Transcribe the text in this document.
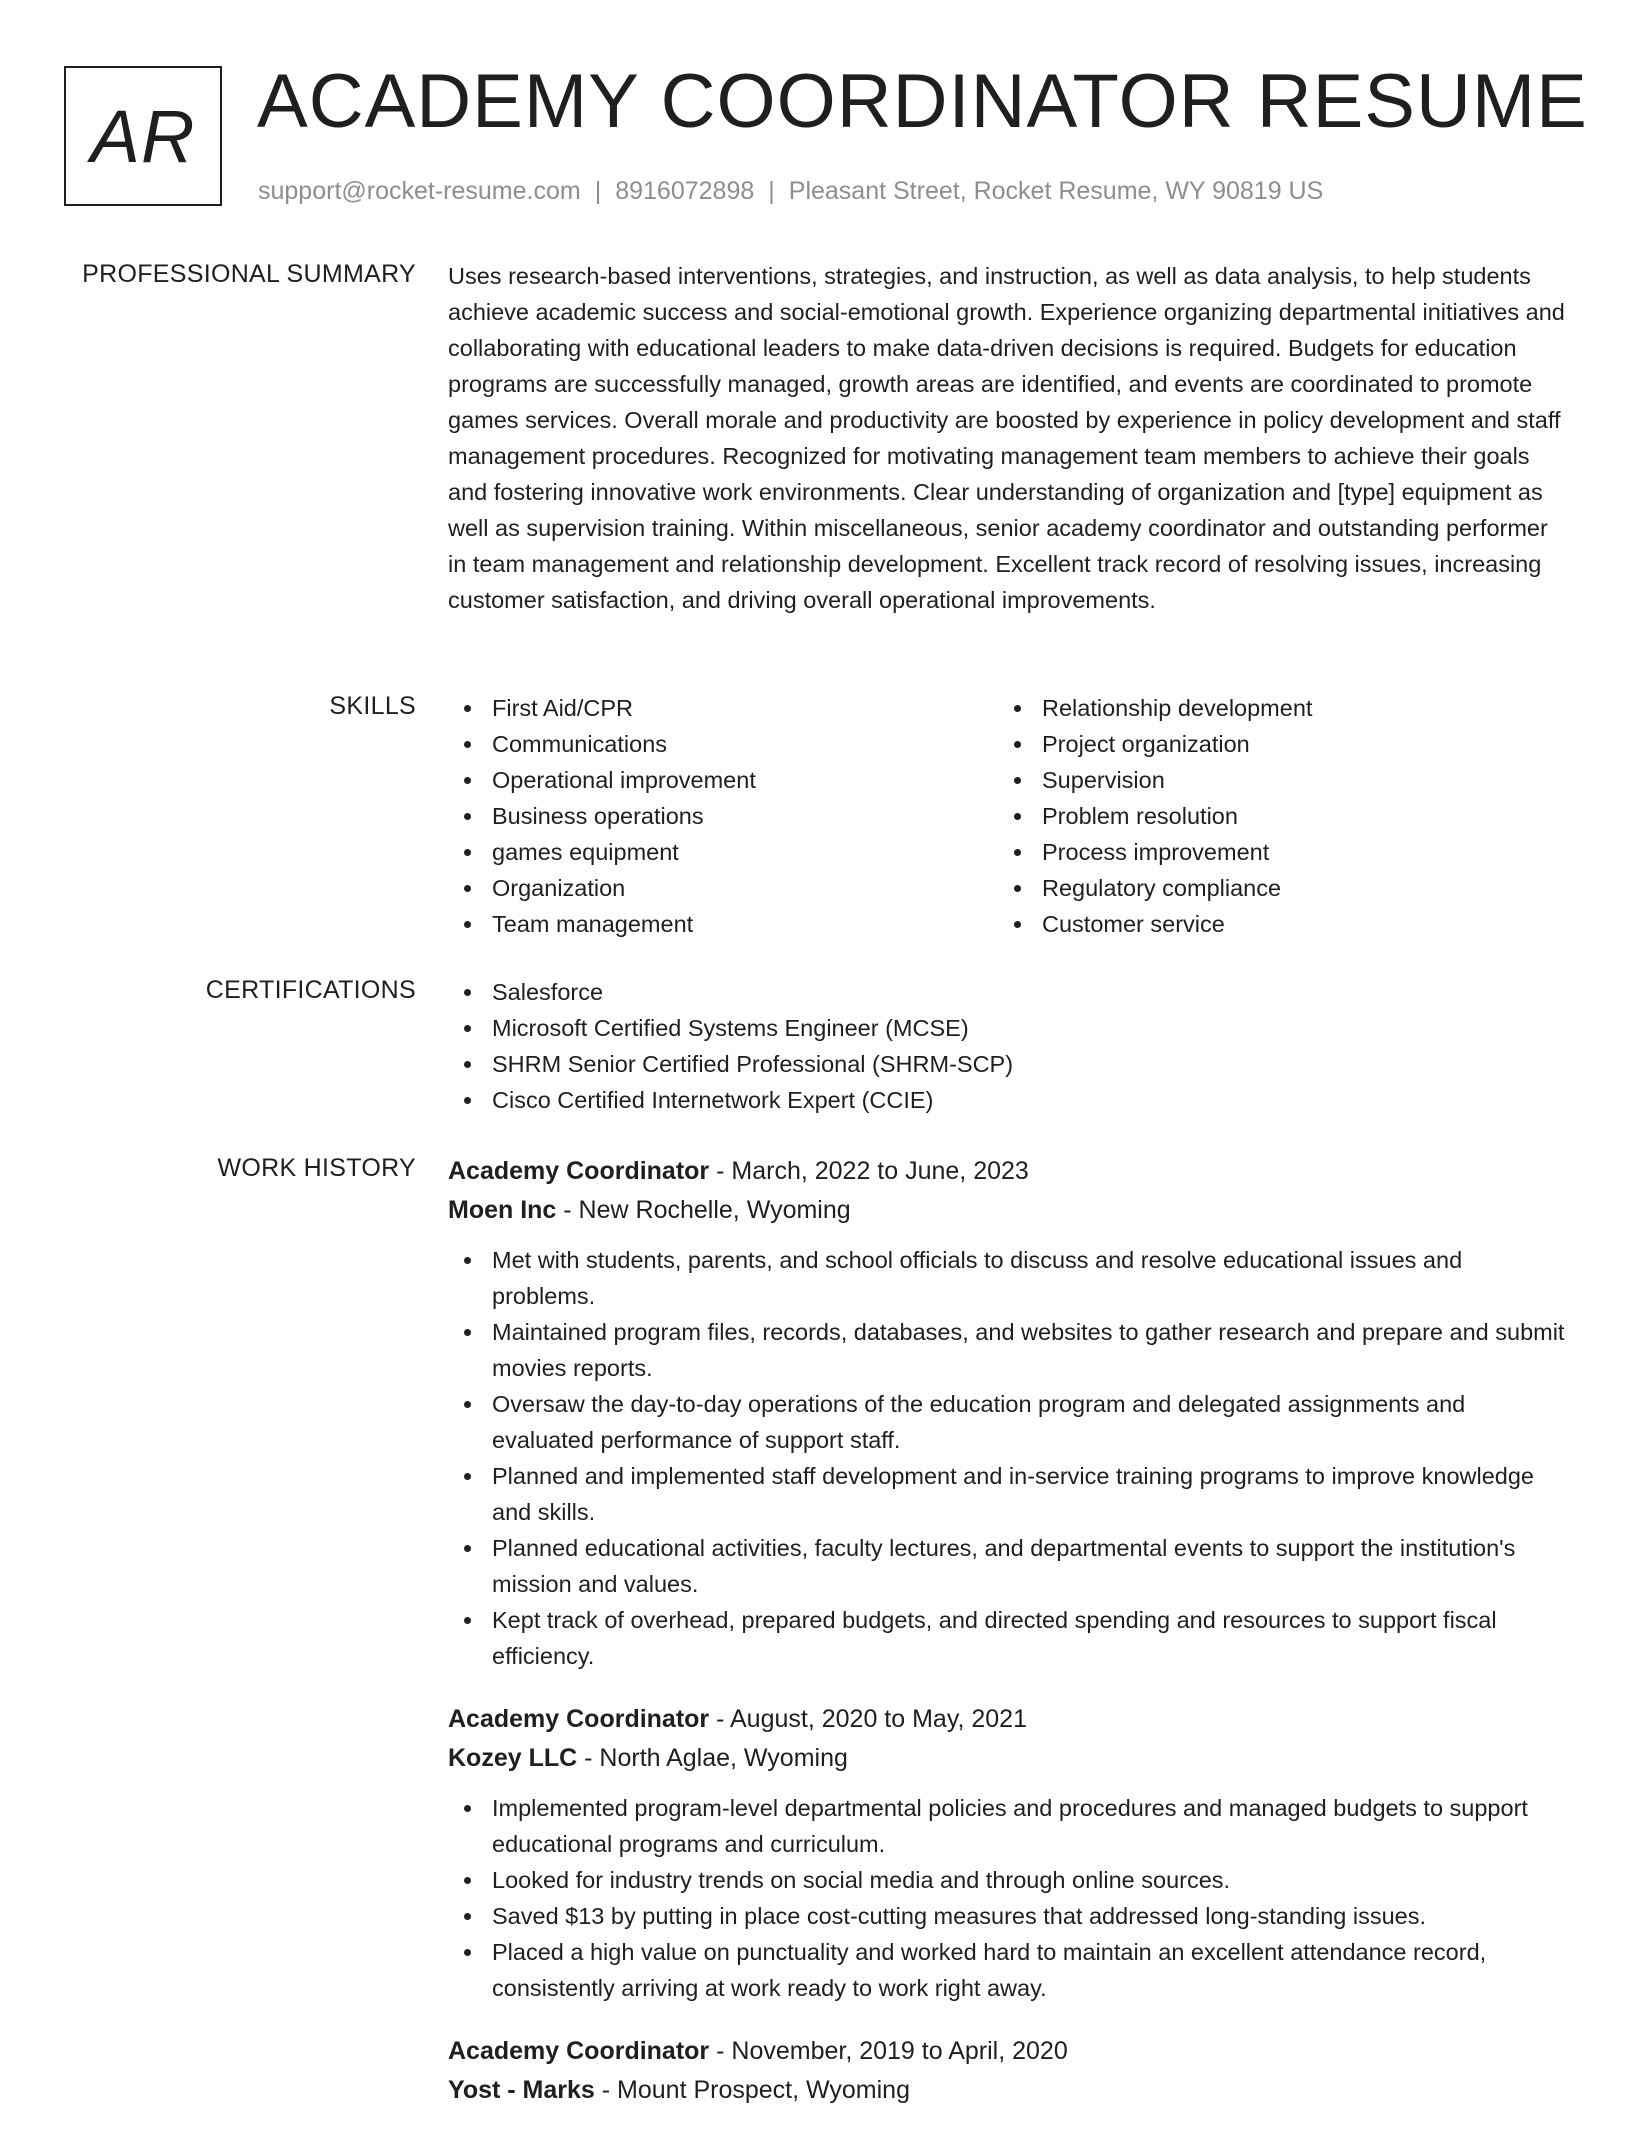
AR ACADEMY COORDINATOR RESUME
support@rocket-resume.com | 8916072898 | Pleasant Street, Rocket Resume, WY 90819 US
PROFESSIONAL SUMMARY Uses research-based interventions, strategies, and instruction, as well as data analysis, to help students achieve academic success and social-emotional growth. Experience organizing departmental initiatives and collaborating with educational leaders to make data-driven decisions is required. Budgets for education programs are successfully managed, growth areas are identified, and events are coordinated to promote games services. Overall morale and productivity are boosted by experience in policy development and staff management procedures. Recognized for motivating management team members to achieve their goals and fostering innovative work environments. Clear understanding of organization and [type] equipment as well as supervision training. Within miscellaneous, senior academy coordinator and outstanding performer in team management and relationship development. Excellent track record of resolving issues, increasing customer satisfaction, and driving overall operational improvements.

SKILLS	First Aid/CPR
Communications
Operational improvement
Business operations
games equipment
Organization
Team management
Relationship development
Project organization
Supervision
Problem resolution
Process improvement
Regulatory compliance
Customer service
CERTIFICATIONS	Salesforce
Microsoft Certified Systems Engineer (MCSE)
SHRM Senior Certified Professional (SHRM-SCP)
Cisco Certified Internetwork Expert (CCIE)
WORK HISTORY Academy Coordinator - March, 2022 to June, 2023
Moen Inc - New Rochelle, Wyoming
Met with students, parents, and school officials to discuss and resolve educational issues and problems.
Maintained program files, records, databases, and websites to gather research and prepare and submit movies reports.
Oversaw the day-to-day operations of the education program and delegated assignments and evaluated performance of support staff.
Planned and implemented staff development and in-service training programs to improve knowledge and skills.
Planned educational activities, faculty lectures, and departmental events to support the institution's mission and values.
Kept track of overhead, prepared budgets, and directed spending and resources to support fiscal efficiency.
Academy Coordinator - August, 2020 to May, 2021
Kozey LLC - North Aglae, Wyoming
Implemented program-level departmental policies and procedures and managed budgets to support educational programs and curriculum.
Looked for industry trends on social media and through online sources.
Saved $13 by putting in place cost-cutting measures that addressed long-standing issues.
Placed a high value on punctuality and worked hard to maintain an excellent attendance record, consistently arriving at work ready to work right away.
Academy Coordinator - November, 2019 to April, 2020
Yost - Marks - Mount Prospect, Wyoming
